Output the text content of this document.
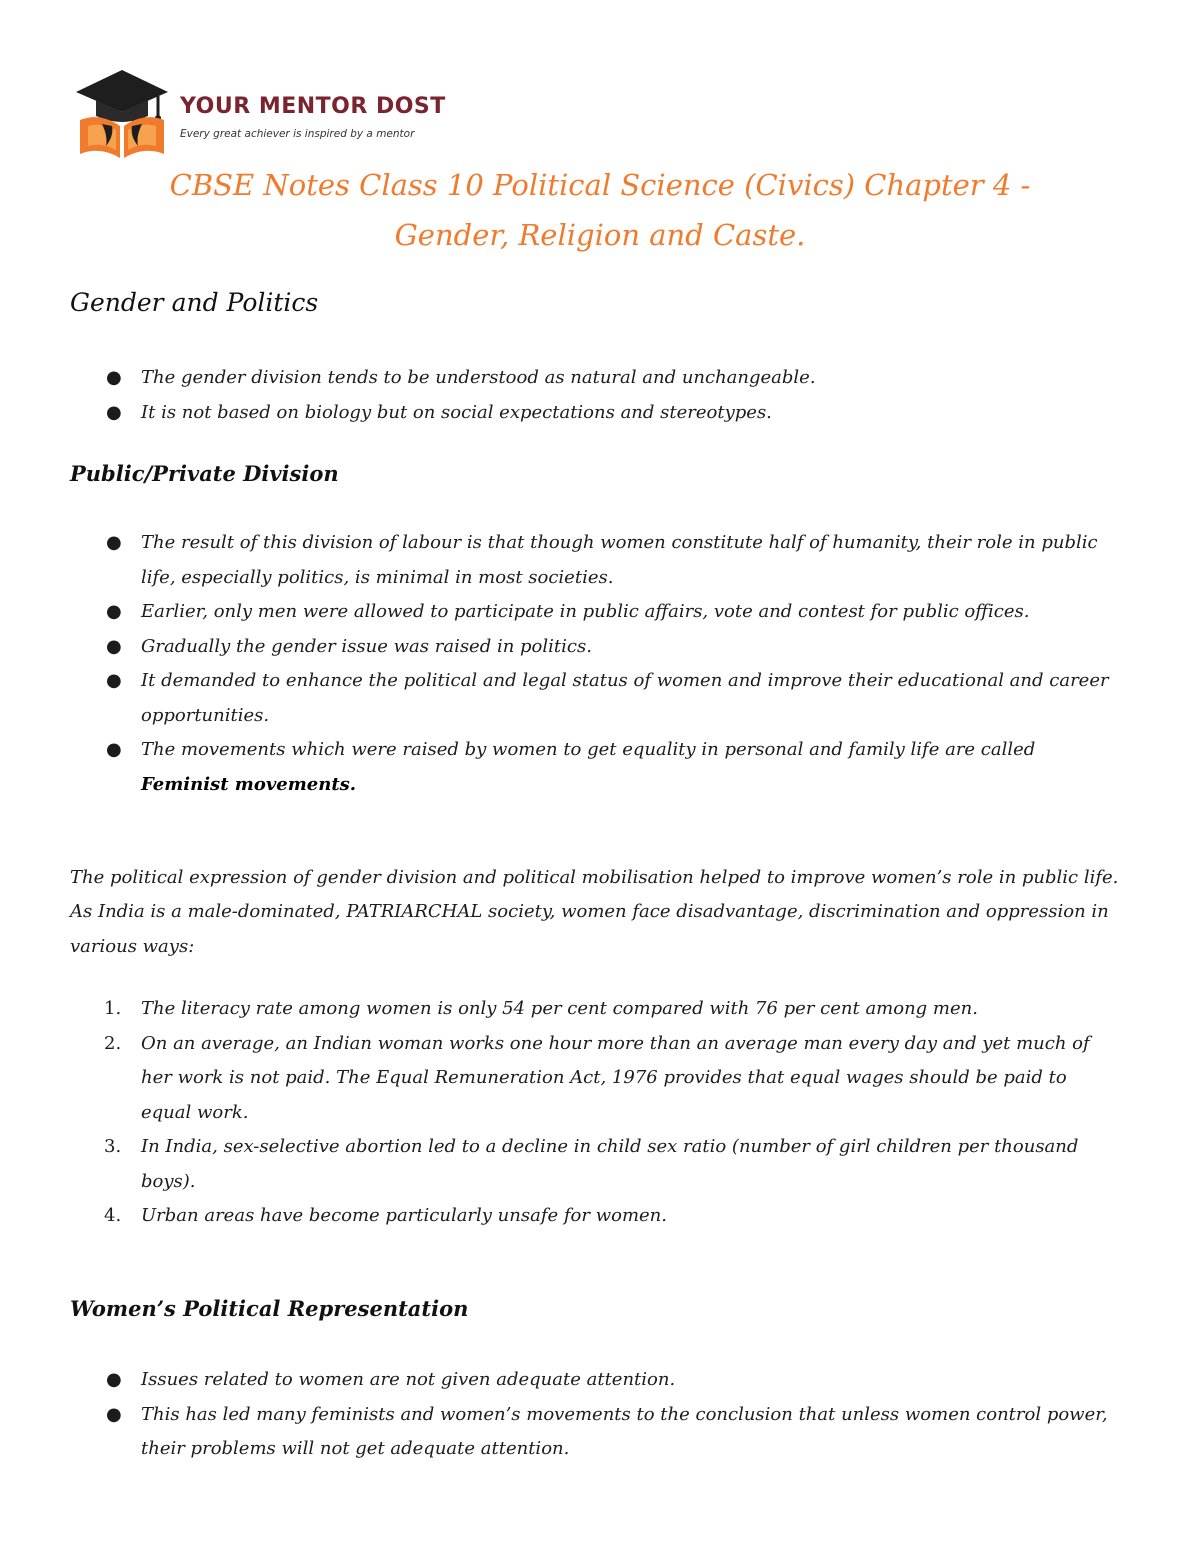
YOUR MENTOR DOST
Every great achiever is inspired by a mentor
CBSE Notes Class 10 Political Science (Civics) Chapter 4 -
Gender, Religion and Caste.
Gender and Politics
● The gender division tends to be understood as natural and unchangeable.
● It is not based on biology but on social expectations and stereotypes.
Public/Private Division
● The result of this division of labour is that though women constitute half of humanity, their role in public life, especially politics, is minimal in most societies.
● Earlier, only men were allowed to participate in public affairs, vote and contest for public offices.
● Gradually the gender issue was raised in politics.
● It demanded to enhance the political and legal status of women and improve their educational and career opportunities.
● The movements which were raised by women to get equality in personal and family life are called Feminist movements.

The political expression of gender division and political mobilisation helped to improve women’s role in public life. As India is a male-dominated, PATRIARCHAL society, women face disadvantage, discrimination and oppression in various ways:

1. The literacy rate among women is only 54 per cent compared with 76 per cent among men.
2. On an average, an Indian woman works one hour more than an average man every day and yet much of her work is not paid. The Equal Remuneration Act, 1976 provides that equal wages should be paid to equal work.
3. In India, sex-selective abortion led to a decline in child sex ratio (number of girl children per thousand boys).
4. Urban areas have become particularly unsafe for women.
Women’s Political Representation
● Issues related to women are not given adequate attention.
● This has led many feminists and women’s movements to the conclusion that unless women control power, their problems will not get adequate attention.
